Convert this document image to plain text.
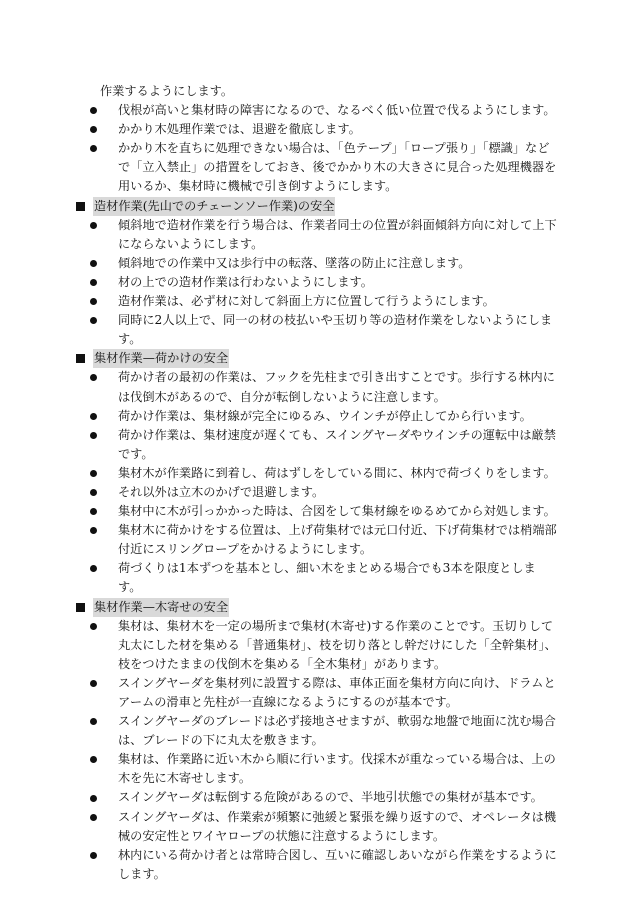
作業するようにします。
伐根が高いと集材時の障害になるので、なるべく低い位置で伐るようにします。
かかり木処理作業では、退避を徹底します。
かかり木を直ちに処理できない場合は、「色テープ」「ロープ張り」「標識」などで「立入禁止」の措置をしておき、後でかかり木の大きさに見合った処理機器を用いるか、集材時に機械で引き倒すようにします。
造材作業(先山でのチェーンソー作業)の安全
傾斜地で造材作業を行う場合は、作業者同士の位置が斜面傾斜方向に対して上下にならないようにします。
傾斜地での作業中又は歩行中の転落、墜落の防止に注意します。
材の上での造材作業は行わないようにします。
造材作業は、必ず材に対して斜面上方に位置して行うようにします。
同時に2人以上で、同一の材の枝払いや玉切り等の造材作業をしないようにします。
集材作業—荷かけの安全
荷かけ者の最初の作業は、フックを先柱まで引き出すことです。歩行する林内には伐倒木があるので、自分が転倒しないように注意します。
荷かけ作業は、集材線が完全にゆるみ、ウインチが停止してから行います。
荷かけ作業は、集材速度が遅くても、スイングヤーダやウインチの運転中は厳禁です。
集材木が作業路に到着し、荷はずしをしている間に、林内で荷づくりをします。
それ以外は立木のかげで退避します。
集材中に木が引っかかった時は、合図をして集材線をゆるめてから対処します。
集材木に荷かけをする位置は、上げ荷集材では元口付近、下げ荷集材では梢端部付近にスリングロープをかけるようにします。
荷づくりは1本ずつを基本とし、細い木をまとめる場合でも3本を限度とします。
集材作業—木寄せの安全
集材は、集材木を一定の場所まで集材(木寄せ)する作業のことです。玉切りして丸太にした材を集める「普通集材」、枝を切り落とし幹だけにした「全幹集材」、枝をつけたままの伐倒木を集める「全木集材」があります。
スイングヤーダを集材列に設置する際は、車体正面を集材方向に向け、ドラムとアームの滑車と先柱が一直線になるようにするのが基本です。
スイングヤーダのブレードは必ず接地させますが、軟弱な地盤で地面に沈む場合は、ブレードの下に丸太を敷きます。
集材は、作業路に近い木から順に行います。伐採木が重なっている場合は、上の木を先に木寄せします。
スイングヤーダは転倒する危険があるので、半地引状態での集材が基本です。
スイングヤーダは、作業索が頻繁に弛緩と緊張を繰り返すので、オペレータは機械の安定性とワイヤロープの状態に注意するようにします。
林内にいる荷かけ者とは常時合図し、互いに確認しあいながら作業をするようにします。
